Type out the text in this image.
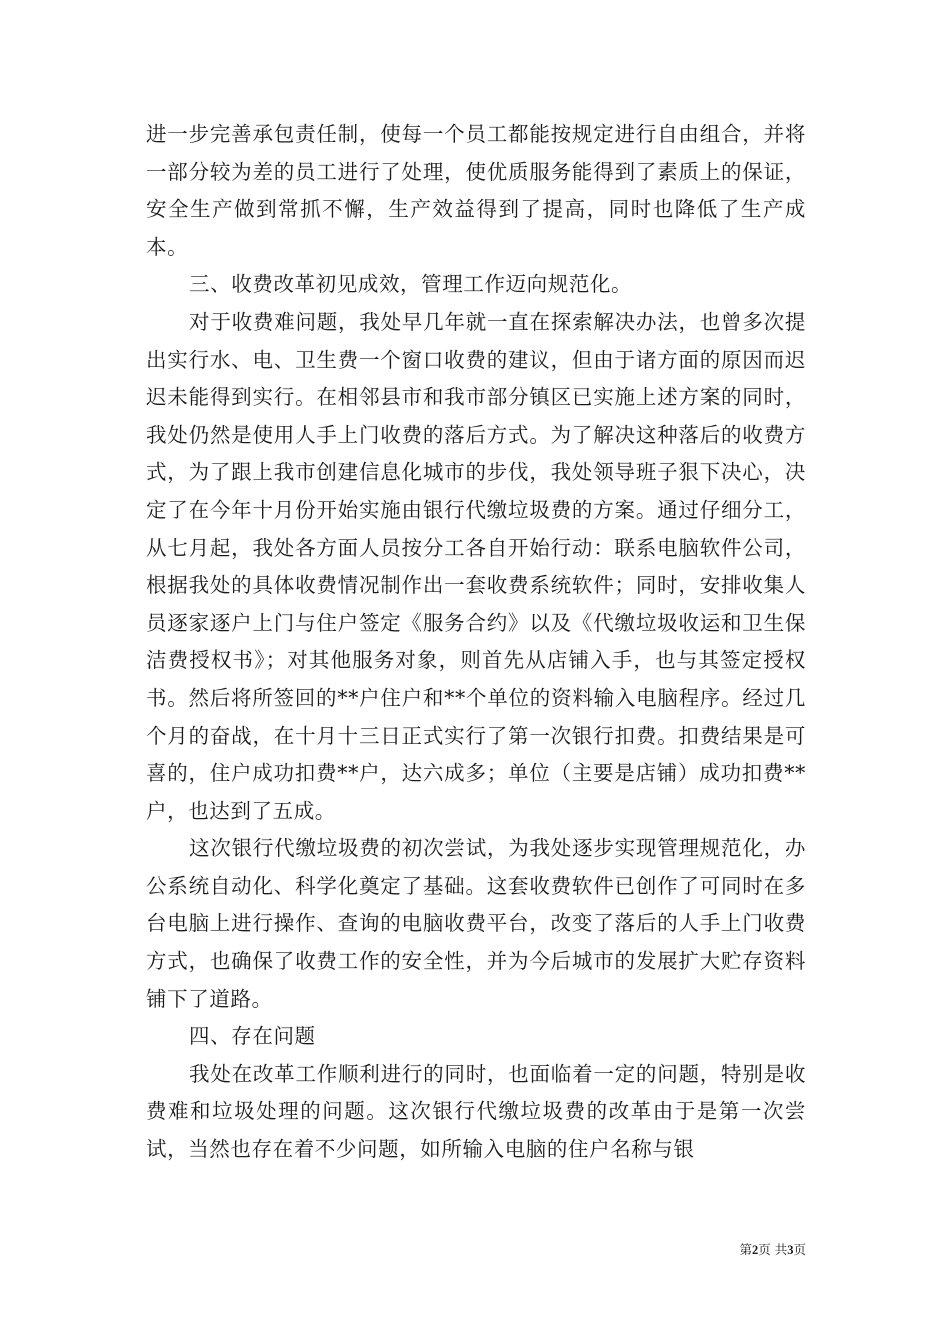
进一步完善承包责任制，使每一个员工都能按规定进行自由组合，并将一部分较为差的员工进行了处理，使优质服务能得到了素质上的保证，安全生产做到常抓不懈，生产效益得到了提高，同时也降低了生产成本。

三、收费改革初见成效，管理工作迈向规范化。

对于收费难问题，我处早几年就一直在探索解决办法，也曾多次提出实行水、电、卫生费一个窗口收费的建议，但由于诸方面的原因而迟迟未能得到实行。在相邻县市和我市部分镇区已实施上述方案的同时，我处仍然是使用人手上门收费的落后方式。为了解决这种落后的收费方式，为了跟上我市创建信息化城市的步伐，我处领导班子狠下决心，决定了在今年十月份开始实施由银行代缴垃圾费的方案。通过仔细分工，从七月起，我处各方面人员按分工各自开始行动：联系电脑软件公司，根据我处的具体收费情况制作出一套收费系统软件；同时，安排收集人员逐家逐户上门与住户签定《服务合约》以及《代缴垃圾收运和卫生保洁费授权书》；对其他服务对象，则首先从店铺入手，也与其签定授权书。然后将所签回的**户住户和**个单位的资料输入电脑程序。经过几个月的奋战，在十月十三日正式实行了第一次银行扣费。扣费结果是可喜的，住户成功扣费**户，达六成多；单位（主要是店铺）成功扣费**户，也达到了五成。

这次银行代缴垃圾费的初次尝试，为我处逐步实现管理规范化，办公系统自动化、科学化奠定了基础。这套收费软件已创作了可同时在多台电脑上进行操作、查询的电脑收费平台，改变了落后的人手上门收费方式，也确保了收费工作的安全性，并为今后城市的发展扩大贮存资料铺下了道路。

四、存在问题

我处在改革工作顺利进行的同时，也面临着一定的问题，特别是收费难和垃圾处理的问题。这次银行代缴垃圾费的改革由于是第一次尝试，当然也存在着不少问题，如所输入电脑的住户名称与银

第2页 共3页
